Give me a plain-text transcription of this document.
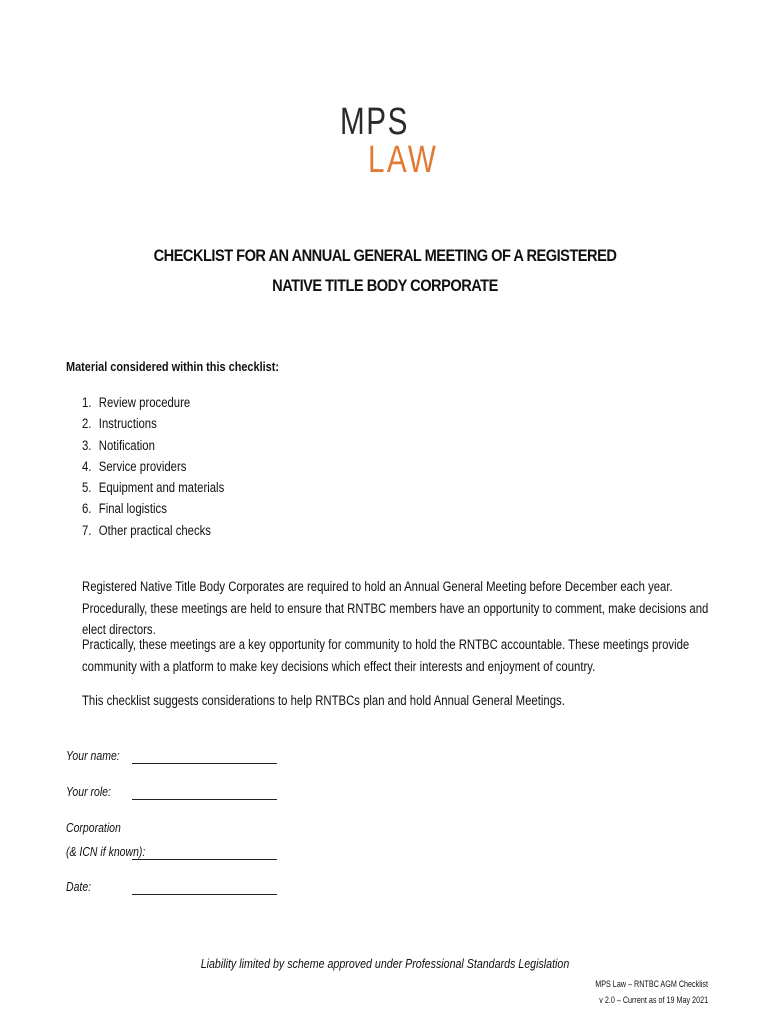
MPS
LAW
CHECKLIST FOR AN ANNUAL GENERAL MEETING OF A REGISTERED
NATIVE TITLE BODY CORPORATE
Material considered within this checklist:
1. Review procedure
2. Instructions
3. Notification
4. Service providers
5. Equipment and materials
6. Final logistics
7. Other practical checks
Registered Native Title Body Corporates are required to hold an Annual General Meeting before December each year. Procedurally, these meetings are held to ensure that RNTBC members have an opportunity to comment, make decisions and elect directors.
Practically, these meetings are a key opportunity for community to hold the RNTBC accountable. These meetings provide community with a platform to make key decisions which effect their interests and enjoyment of country.
This checklist suggests considerations to help RNTBCs plan and hold Annual General Meetings.
Your name:
Your role:
Corporation
(& ICN if known):
Date:
Liability limited by scheme approved under Professional Standards Legislation
MPS Law – RNTBC AGM Checklist
v 2.0 – Current as of 19 May 2021
